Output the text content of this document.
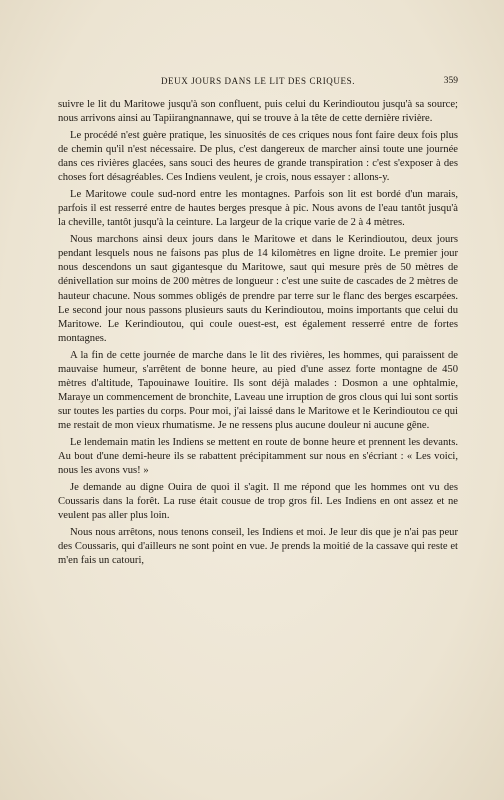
DEUX JOURS DANS LE LIT DES CRIQUES.	359

suivre le lit du Maritowe jusqu'à son confluent, puis celui du Kerindioutou jusqu'à sa source; nous arrivons ainsi au Tapiirangnannawe, qui se trouve à la tête de cette dernière rivière.

Le procédé n'est guère pratique, les sinuosités de ces criques nous font faire deux fois plus de chemin qu'il n'est nécessaire. De plus, c'est dangereux de marcher ainsi toute une journée dans ces rivières glacées, sans souci des heures de grande transpiration : c'est s'exposer à des choses fort désagréables. Ces Indiens veulent, je crois, nous essayer : allons-y.

Le Maritowe coule sud-nord entre les montagnes. Parfois son lit est bordé d'un marais, parfois il est resserré entre de hautes berges presque à pic. Nous avons de l'eau tantôt jusqu'à la cheville, tantôt jusqu'à la ceinture. La largeur de la crique varie de 2 à 4 mètres.

Nous marchons ainsi deux jours dans le Maritowe et dans le Kerindioutou, deux jours pendant lesquels nous ne faisons pas plus de 14 kilomètres en ligne droite. Le premier jour nous descendons un saut gigantesque du Maritowe, saut qui mesure près de 50 mètres de dénivellation sur moins de 200 mètres de longueur : c'est une suite de cascades de 2 mètres de hauteur chacune. Nous sommes obligés de prendre par terre sur le flanc des berges escarpées. Le second jour nous passons plusieurs sauts du Kerindioutou, moins importants que celui du Maritowe. Le Kerindioutou, qui coule ouest-est, est également resserré entre de fortes montagnes.

A la fin de cette journée de marche dans le lit des rivières, les hommes, qui paraissent de mauvaise humeur, s'arrêtent de bonne heure, au pied d'une assez forte montagne de 450 mètres d'altitude, Tapouinawe Iouitire. Ils sont déjà malades : Dosmon a une ophtalmie, Maraye un commencement de bronchite, Laveau une irruption de gros clous qui lui sont sortis sur toutes les parties du corps. Pour moi, j'ai laissé dans le Maritowe et le Kerindioutou ce qui me restait de mon vieux rhumatisme. Je ne ressens plus aucune douleur ni aucune gêne.

Le lendemain matin les Indiens se mettent en route de bonne heure et prennent les devants. Au bout d'une demi-heure ils se rabattent précipitamment sur nous en s'écriant : « Les voici, nous les avons vus! »

Je demande au digne Ouira de quoi il s'agit. Il me répond que les hommes ont vu des Coussaris dans la forêt. La ruse était cousue de trop gros fil. Les Indiens en ont assez et ne veulent pas aller plus loin.

Nous nous arrêtons, nous tenons conseil, les Indiens et moi. Je leur dis que je n'ai pas peur des Coussaris, qui d'ailleurs ne sont point en vue. Je prends la moitié de la cassave qui reste et m'en fais un catouri,
